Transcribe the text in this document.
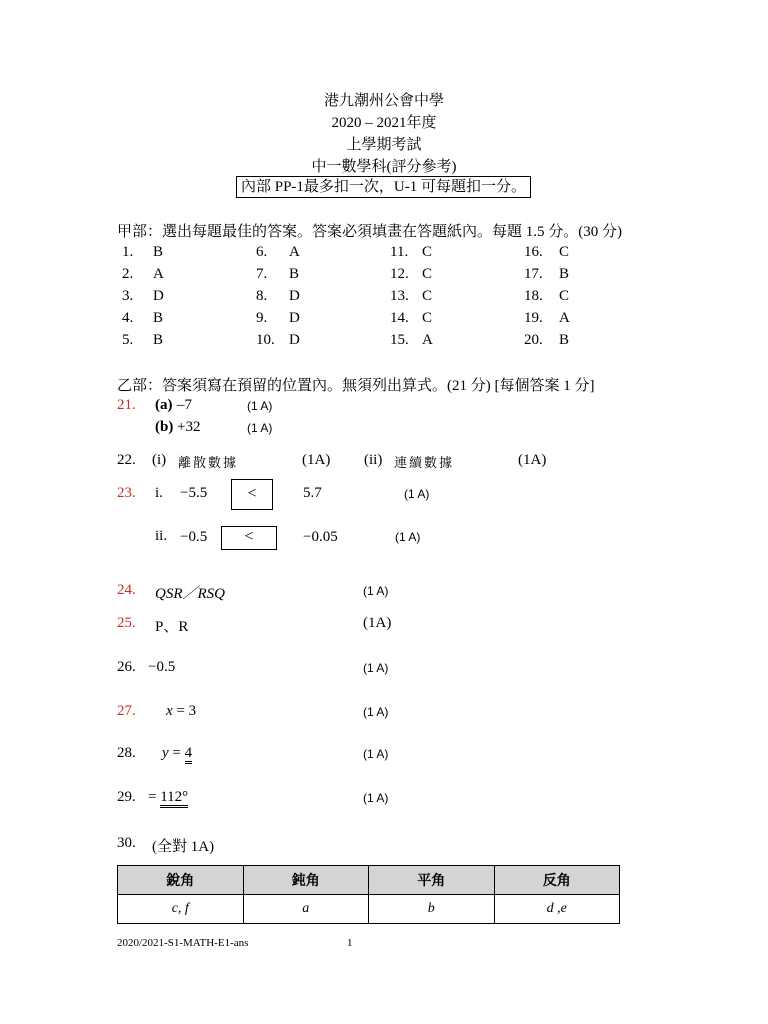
港九潮州公會中學
2020 – 2021年度
上學期考試
中一數學科(評分參考)
內部 PP-1最多扣一次，U-1 可每題扣一分。
甲部：選出每題最佳的答案。答案必須填畫在答題紙內。每題 1.5 分。(30 分)
1. B
2. A
3. D
4. B
5. B
6. A
7. B
8. D
9. D
10. D
11. C
12. C
13. C
14. C
15. A
16. C
17. B
18. C
19. A
20. B
乙部：答案須寫在預留的位置內。無須列出算式。(21 分) [每個答案 1 分]
21. (a) –7	(1 A)
(b) +32	(1 A)
22. (i) 離散數據	(1A) (ii) 連續數據	(1A)
23. i. −5.5	<	5.7	(1 A)
ii. −0.5	<	−0.05	(1 A)
24. QSR／RSQ	(1 A)
25. P、R	(1A)
26. −0.5	(1 A)
27. x = 3	(1 A)
28. y = 4	(1 A)
29. = 112°	(1 A)
30. (全對 1A)
銳角	鈍角	平角	反角
c, f	a	b	d ,e
2020/2021-S1-MATH-E1-ans	1
